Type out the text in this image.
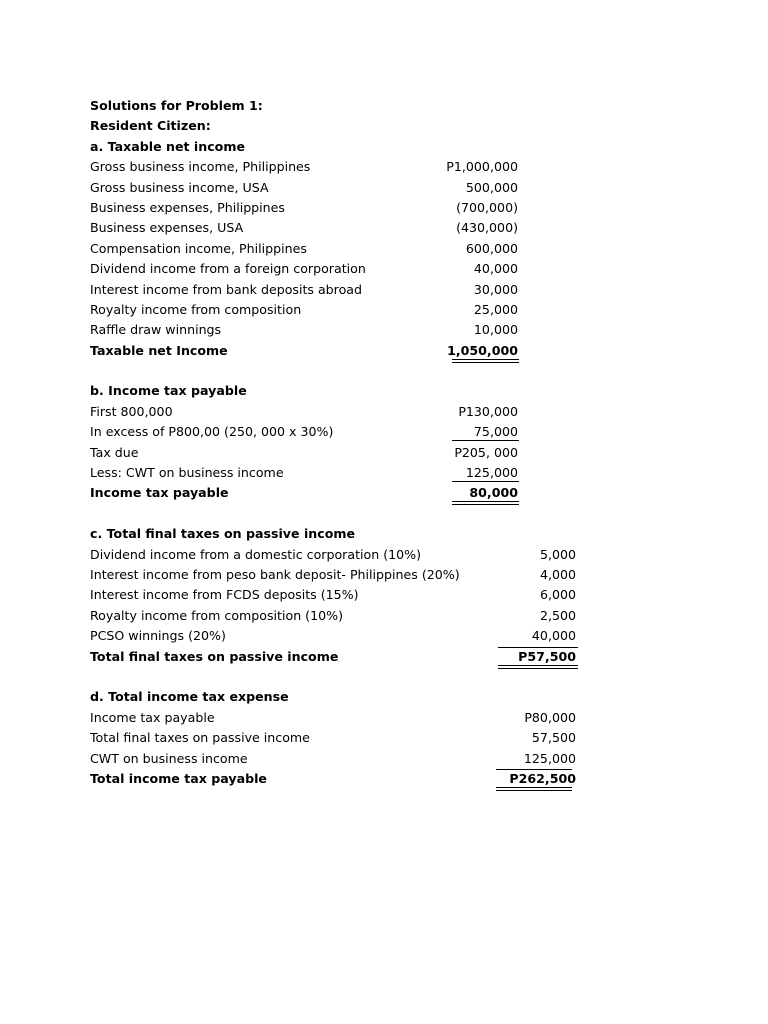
Solutions for Problem 1:
Resident Citizen:
a. Taxable net income
Gross business income, Philippines	P1,000,000
Gross business income, USA	500,000
Business expenses, Philippines	(700,000)
Business expenses, USA	(430,000)
Compensation income, Philippines	600,000
Dividend income from a foreign corporation	40,000
Interest income from bank deposits abroad	30,000
Royalty income from composition	25,000
Raffle draw winnings	10,000
Taxable net Income	1,050,000
b. Income tax payable
First 800,000	P130,000
In excess of P800,00 (250, 000 x 30%)	75,000
Tax due	P205, 000
Less: CWT on business income	125,000
Income tax payable	80,000
c. Total final taxes on passive income
Dividend income from a domestic corporation (10%)	5,000
Interest income from peso bank deposit- Philippines (20%)	4,000
Interest income from FCDS deposits (15%)	6,000
Royalty income from composition (10%)	2,500
PCSO winnings (20%)	40,000
Total final taxes on passive income	P57,500
d. Total income tax expense
Income tax payable	P80,000
Total final taxes on passive income	57,500
CWT on business income	125,000
Total income tax payable	P262,500
